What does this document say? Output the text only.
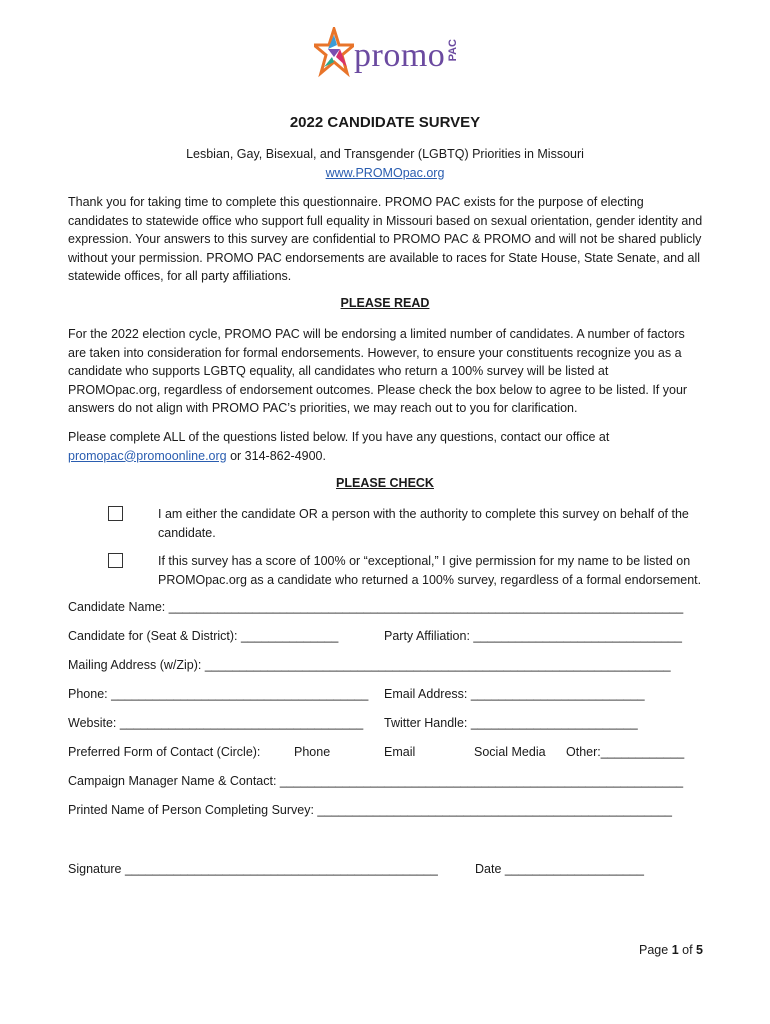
promo PAC
2022 CANDIDATE SURVEY
Lesbian, Gay, Bisexual, and Transgender (LGBTQ) Priorities in Missouri
www.PROMOpac.org
Thank you for taking time to complete this questionnaire. PROMO PAC exists for the purpose of electing candidates to statewide office who support full equality in Missouri based on sexual orientation, gender identity and expression. Your answers to this survey are confidential to PROMO PAC & PROMO and will not be shared publicly without your permission. PROMO PAC endorsements are available to races for State House, State Senate, and all statewide offices, for all party affiliations.
PLEASE READ
For the 2022 election cycle, PROMO PAC will be endorsing a limited number of candidates. A number of factors are taken into consideration for formal endorsements. However, to ensure your constituents recognize you as a candidate who supports LGBTQ equality, all candidates who return a 100% survey will be listed at PROMOpac.org, regardless of endorsement outcomes. Please check the box below to agree to be listed. If your answers do not align with PROMO PAC’s priorities, we may reach out to you for clarification.
Please complete ALL of the questions listed below. If you have any questions, contact our office at
promopac@promoonline.org or 314-862-4900.
PLEASE CHECK
I am either the candidate OR a person with the authority to complete this survey on behalf of the candidate.
If this survey has a score of 100% or “exceptional,” I give permission for my name to be listed on PROMOpac.org as a candidate who returned a 100% survey, regardless of a formal endorsement.
Candidate Name: __________________________________________________________________________
Candidate for (Seat & District): ______________	Party Affiliation: ______________________________
Mailing Address (w/Zip): ___________________________________________________________________
Phone: _____________________________________ Email Address: _________________________
Website: ___________________________________ Twitter Handle: ________________________
Preferred Form of Contact (Circle):	Phone	Email	Social Media Other:____________
Campaign Manager Name & Contact: __________________________________________________________
Printed Name of Person Completing Survey: ___________________________________________________
Signature _____________________________________________	Date ____________________
Page 1 of 5
